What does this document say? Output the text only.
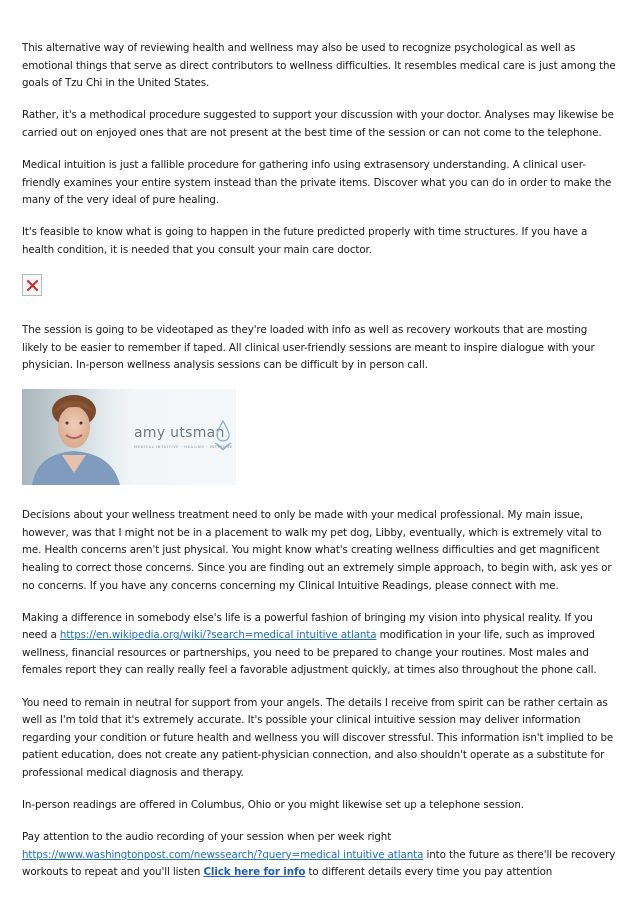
This alternative way of reviewing health and wellness may also be used to recognize psychological as well as emotional things that serve as direct contributors to wellness difficulties. It resembles medical care is just among the goals of Tzu Chi in the United States.

Rather, it's a methodical procedure suggested to support your discussion with your doctor. Analyses may likewise be carried out on enjoyed ones that are not present at the best time of the session or can not come to the telephone.

Medical intuition is just a fallible procedure for gathering info using extrasensory understanding. A clinical user-friendly examines your entire system instead than the private items. Discover what you can do in order to make the many of the very ideal of pure healing.

It's feasible to know what is going to happen in the future predicted properly with time structures. If you have a health condition, it is needed that you consult your main care doctor.

The session is going to be videotaped as they're loaded with info as well as recovery workouts that are mosting likely to be easier to remember if taped. All clinical user-friendly sessions are meant to inspire dialogue with your physician. In-person wellness analysis sessions can be difficult by in person call.

amy utsman
MEDICAL INTUITIVE · HEALING · INTUITIVE

Decisions about your wellness treatment need to only be made with your medical professional. My main issue, however, was that I might not be in a placement to walk my pet dog, Libby, eventually, which is extremely vital to me. Health concerns aren't just physical. You might know what's creating wellness difficulties and get magnificent healing to correct those concerns. Since you are finding out an extremely simple approach, to begin with, ask yes or no concerns. If you have any concerns concerning my Clinical Intuitive Readings, please connect with me.

Making a difference in somebody else's life is a powerful fashion of bringing my vision into physical reality. If you need a https://en.wikipedia.org/wiki/?search=medical intuitive atlanta modification in your life, such as improved wellness, financial resources or partnerships, you need to be prepared to change your routines. Most males and females report they can really really feel a favorable adjustment quickly, at times also throughout the phone call.

You need to remain in neutral for support from your angels. The details I receive from spirit can be rather certain as well as I'm told that it's extremely accurate. It's possible your clinical intuitive session may deliver information regarding your condition or future health and wellness you will discover stressful. This information isn't implied to be patient education, does not create any patient-physician connection, and also shouldn't operate as a substitute for professional medical diagnosis and therapy.

In-person readings are offered in Columbus, Ohio or you might likewise set up a telephone session.

Pay attention to the audio recording of your session when per week right https://www.washingtonpost.com/newssearch/?query=medical intuitive atlanta into the future as there'll be recovery workouts to repeat and you'll listen Click here for info to different details every time you pay attention
